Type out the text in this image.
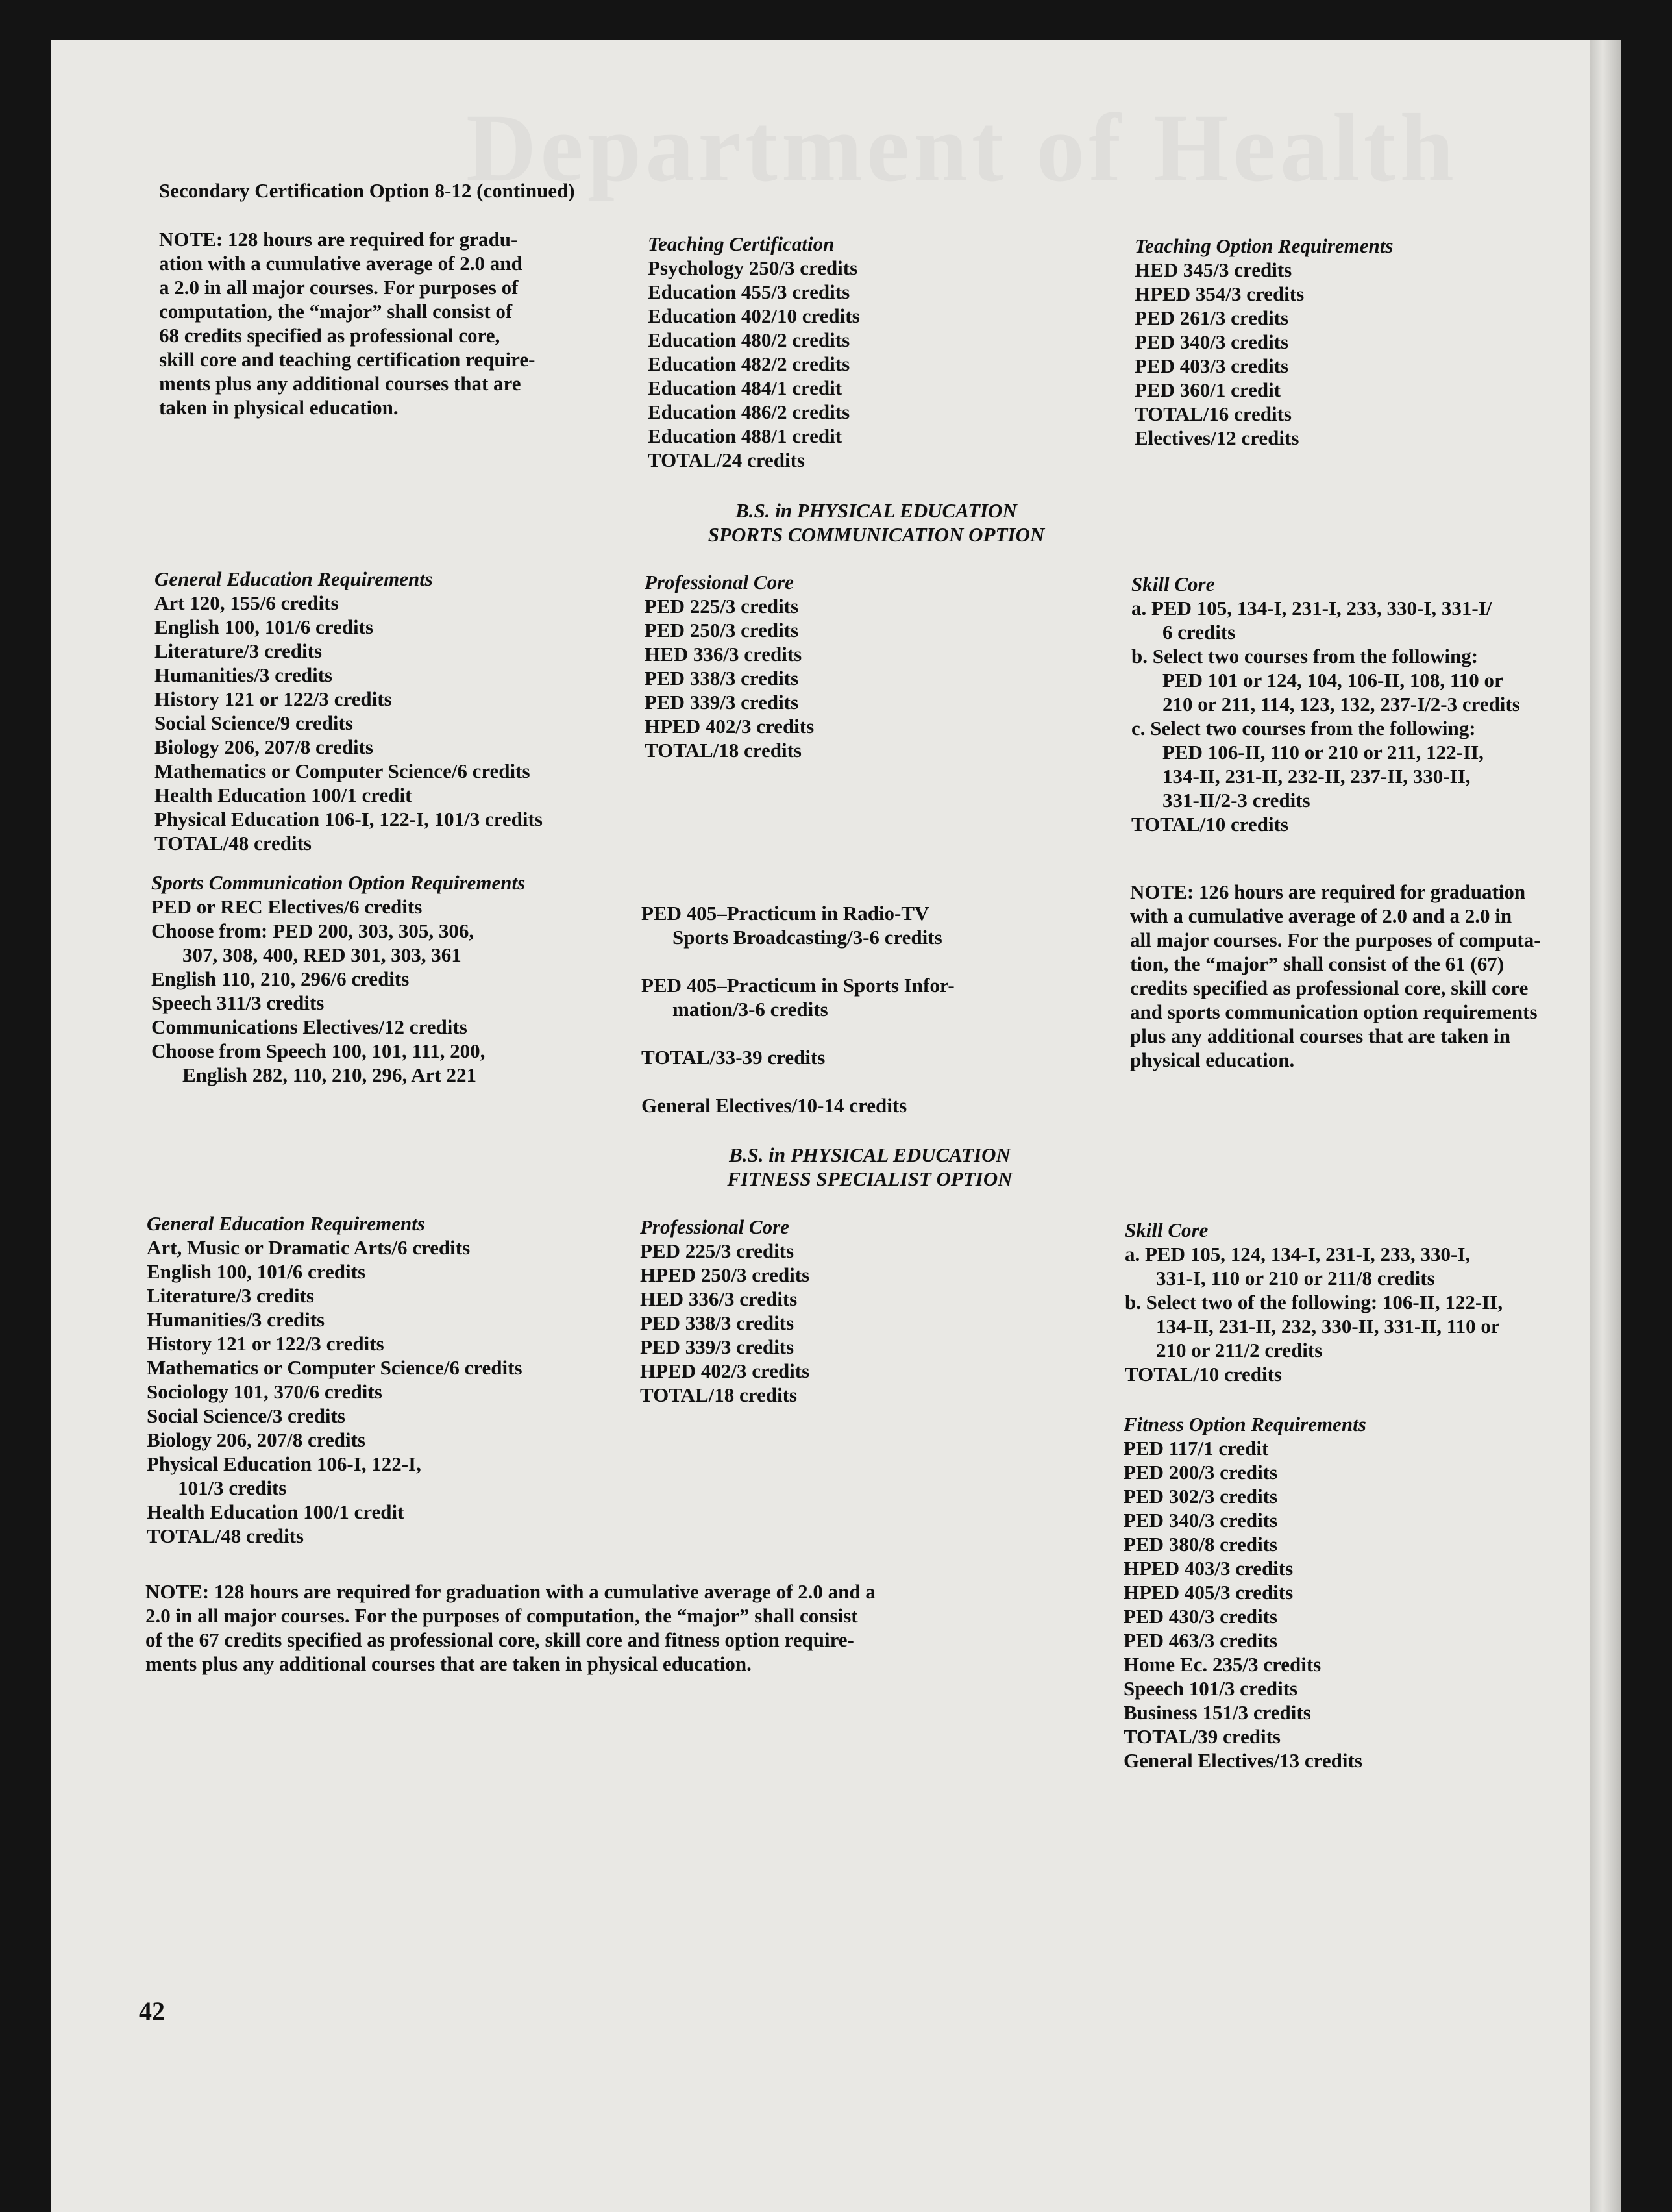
Secondary Certification Option 8-12 (continued)
NOTE: 128 hours are required for gradu-
ation with a cumulative average of 2.0 and
a 2.0 in all major courses. For purposes of
computation, the “major” shall consist of
68 credits specified as professional core,
skill core and teaching certification require-
ments plus any additional courses that are
taken in physical education.
Teaching Certification
Psychology 250/3 credits
Education 455/3 credits
Education 402/10 credits
Education 480/2 credits
Education 482/2 credits
Education 484/1 credit
Education 486/2 credits
Education 488/1 credit
TOTAL/24 credits
Teaching Option Requirements
HED 345/3 credits
HPED 354/3 credits
PED 261/3 credits
PED 340/3 credits
PED 403/3 credits
PED 360/1 credit
TOTAL/16 credits
Electives/12 credits
B.S. in PHYSICAL EDUCATION
SPORTS COMMUNICATION OPTION
General Education Requirements
Art 120, 155/6 credits
English 100, 101/6 credits
Literature/3 credits
Humanities/3 credits
History 121 or 122/3 credits
Social Science/9 credits
Biology 206, 207/8 credits
Mathematics or Computer Science/6 credits
Health Education 100/1 credit
Physical Education 106-I, 122-I, 101/3 credits
TOTAL/48 credits
Sports Communication Option Requirements
PED or REC Electives/6 credits
Choose from: PED 200, 303, 305, 306,
307, 308, 400, RED 301, 303, 361
English 110, 210, 296/6 credits
Speech 311/3 credits
Communications Electives/12 credits
Choose from Speech 100, 101, 111, 200,
English 282, 110, 210, 296, Art 221
Professional Core
PED 225/3 credits
PED 250/3 credits
HED 336/3 credits
PED 338/3 credits
PED 339/3 credits
HPED 402/3 credits
TOTAL/18 credits
PED 405–Practicum in Radio-TV
Sports Broadcasting/3-6 credits
PED 405–Practicum in Sports Infor-
mation/3-6 credits
TOTAL/33-39 credits
General Electives/10-14 credits
Skill Core
a. PED 105, 134-I, 231-I, 233, 330-I, 331-I/
6 credits
b. Select two courses from the following:
PED 101 or 124, 104, 106-II, 108, 110 or
210 or 211, 114, 123, 132, 237-I/2-3 credits
c. Select two courses from the following:
PED 106-II, 110 or 210 or 211, 122-II,
134-II, 231-II, 232-II, 237-II, 330-II,
331-II/2-3 credits
TOTAL/10 credits
NOTE: 126 hours are required for graduation
with a cumulative average of 2.0 and a 2.0 in
all major courses. For the purposes of computa-
tion, the “major” shall consist of the 61 (67)
credits specified as professional core, skill core
and sports communication option requirements
plus any additional courses that are taken in
physical education.
B.S. in PHYSICAL EDUCATION
FITNESS SPECIALIST OPTION
General Education Requirements
Art, Music or Dramatic Arts/6 credits
English 100, 101/6 credits
Literature/3 credits
Humanities/3 credits
History 121 or 122/3 credits
Mathematics or Computer Science/6 credits
Sociology 101, 370/6 credits
Social Science/3 credits
Biology 206, 207/8 credits
Physical Education 106-I, 122-I,
101/3 credits
Health Education 100/1 credit
TOTAL/48 credits
Professional Core
PED 225/3 credits
HPED 250/3 credits
HED 336/3 credits
PED 338/3 credits
PED 339/3 credits
HPED 402/3 credits
TOTAL/18 credits
Skill Core
a. PED 105, 124, 134-I, 231-I, 233, 330-I,
331-I, 110 or 210 or 211/8 credits
b. Select two of the following: 106-II, 122-II,
134-II, 231-II, 232, 330-II, 331-II, 110 or
210 or 211/2 credits
TOTAL/10 credits
Fitness Option Requirements
PED 117/1 credit
PED 200/3 credits
PED 302/3 credits
PED 340/3 credits
PED 380/8 credits
HPED 403/3 credits
HPED 405/3 credits
PED 430/3 credits
PED 463/3 credits
Home Ec. 235/3 credits
Speech 101/3 credits
Business 151/3 credits
TOTAL/39 credits
General Electives/13 credits
NOTE: 128 hours are required for graduation with a cumulative average of 2.0 and a
2.0 in all major courses. For the purposes of computation, the “major” shall consist
of the 67 credits specified as professional core, skill core and fitness option require-
ments plus any additional courses that are taken in physical education.
42
